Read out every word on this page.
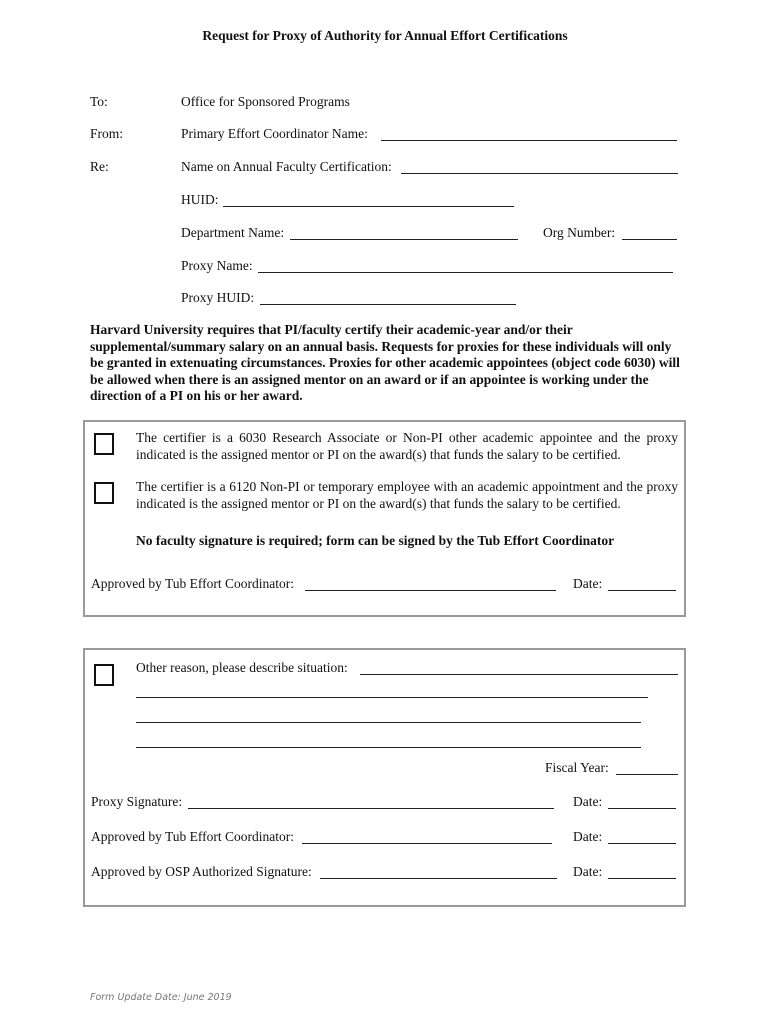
Request for Proxy of Authority for Annual Effort Certifications
To:	Office for Sponsored Programs
From:	Primary Effort Coordinator Name:
Re:	Name on Annual Faculty Certification:
HUID:
Department Name:	Org Number:
Proxy Name:
Proxy HUID:
Harvard University requires that PI/faculty certify their academic-year and/or their supplemental/summary salary on an annual basis. Requests for proxies for these individuals will only be granted in extenuating circumstances. Proxies for other academic appointees (object code 6030) will be allowed when there is an assigned mentor on an award or if an appointee is working under the direction of a PI on his or her award.
The certifier is a 6030 Research Associate or Non-PI other academic appointee and the proxy indicated is the assigned mentor or PI on the award(s) that funds the salary to be certified.
The certifier is a 6120 Non-PI or temporary employee with an academic appointment and the proxy indicated is the assigned mentor or PI on the award(s) that funds the salary to be certified.
No faculty signature is required; form can be signed by the Tub Effort Coordinator
Approved by Tub Effort Coordinator:	Date:
Other reason, please describe situation:
Fiscal Year:
Proxy Signature:	Date:
Approved by Tub Effort Coordinator:	Date:
Approved by OSP Authorized Signature:	Date:
Form Update Date: June 2019
